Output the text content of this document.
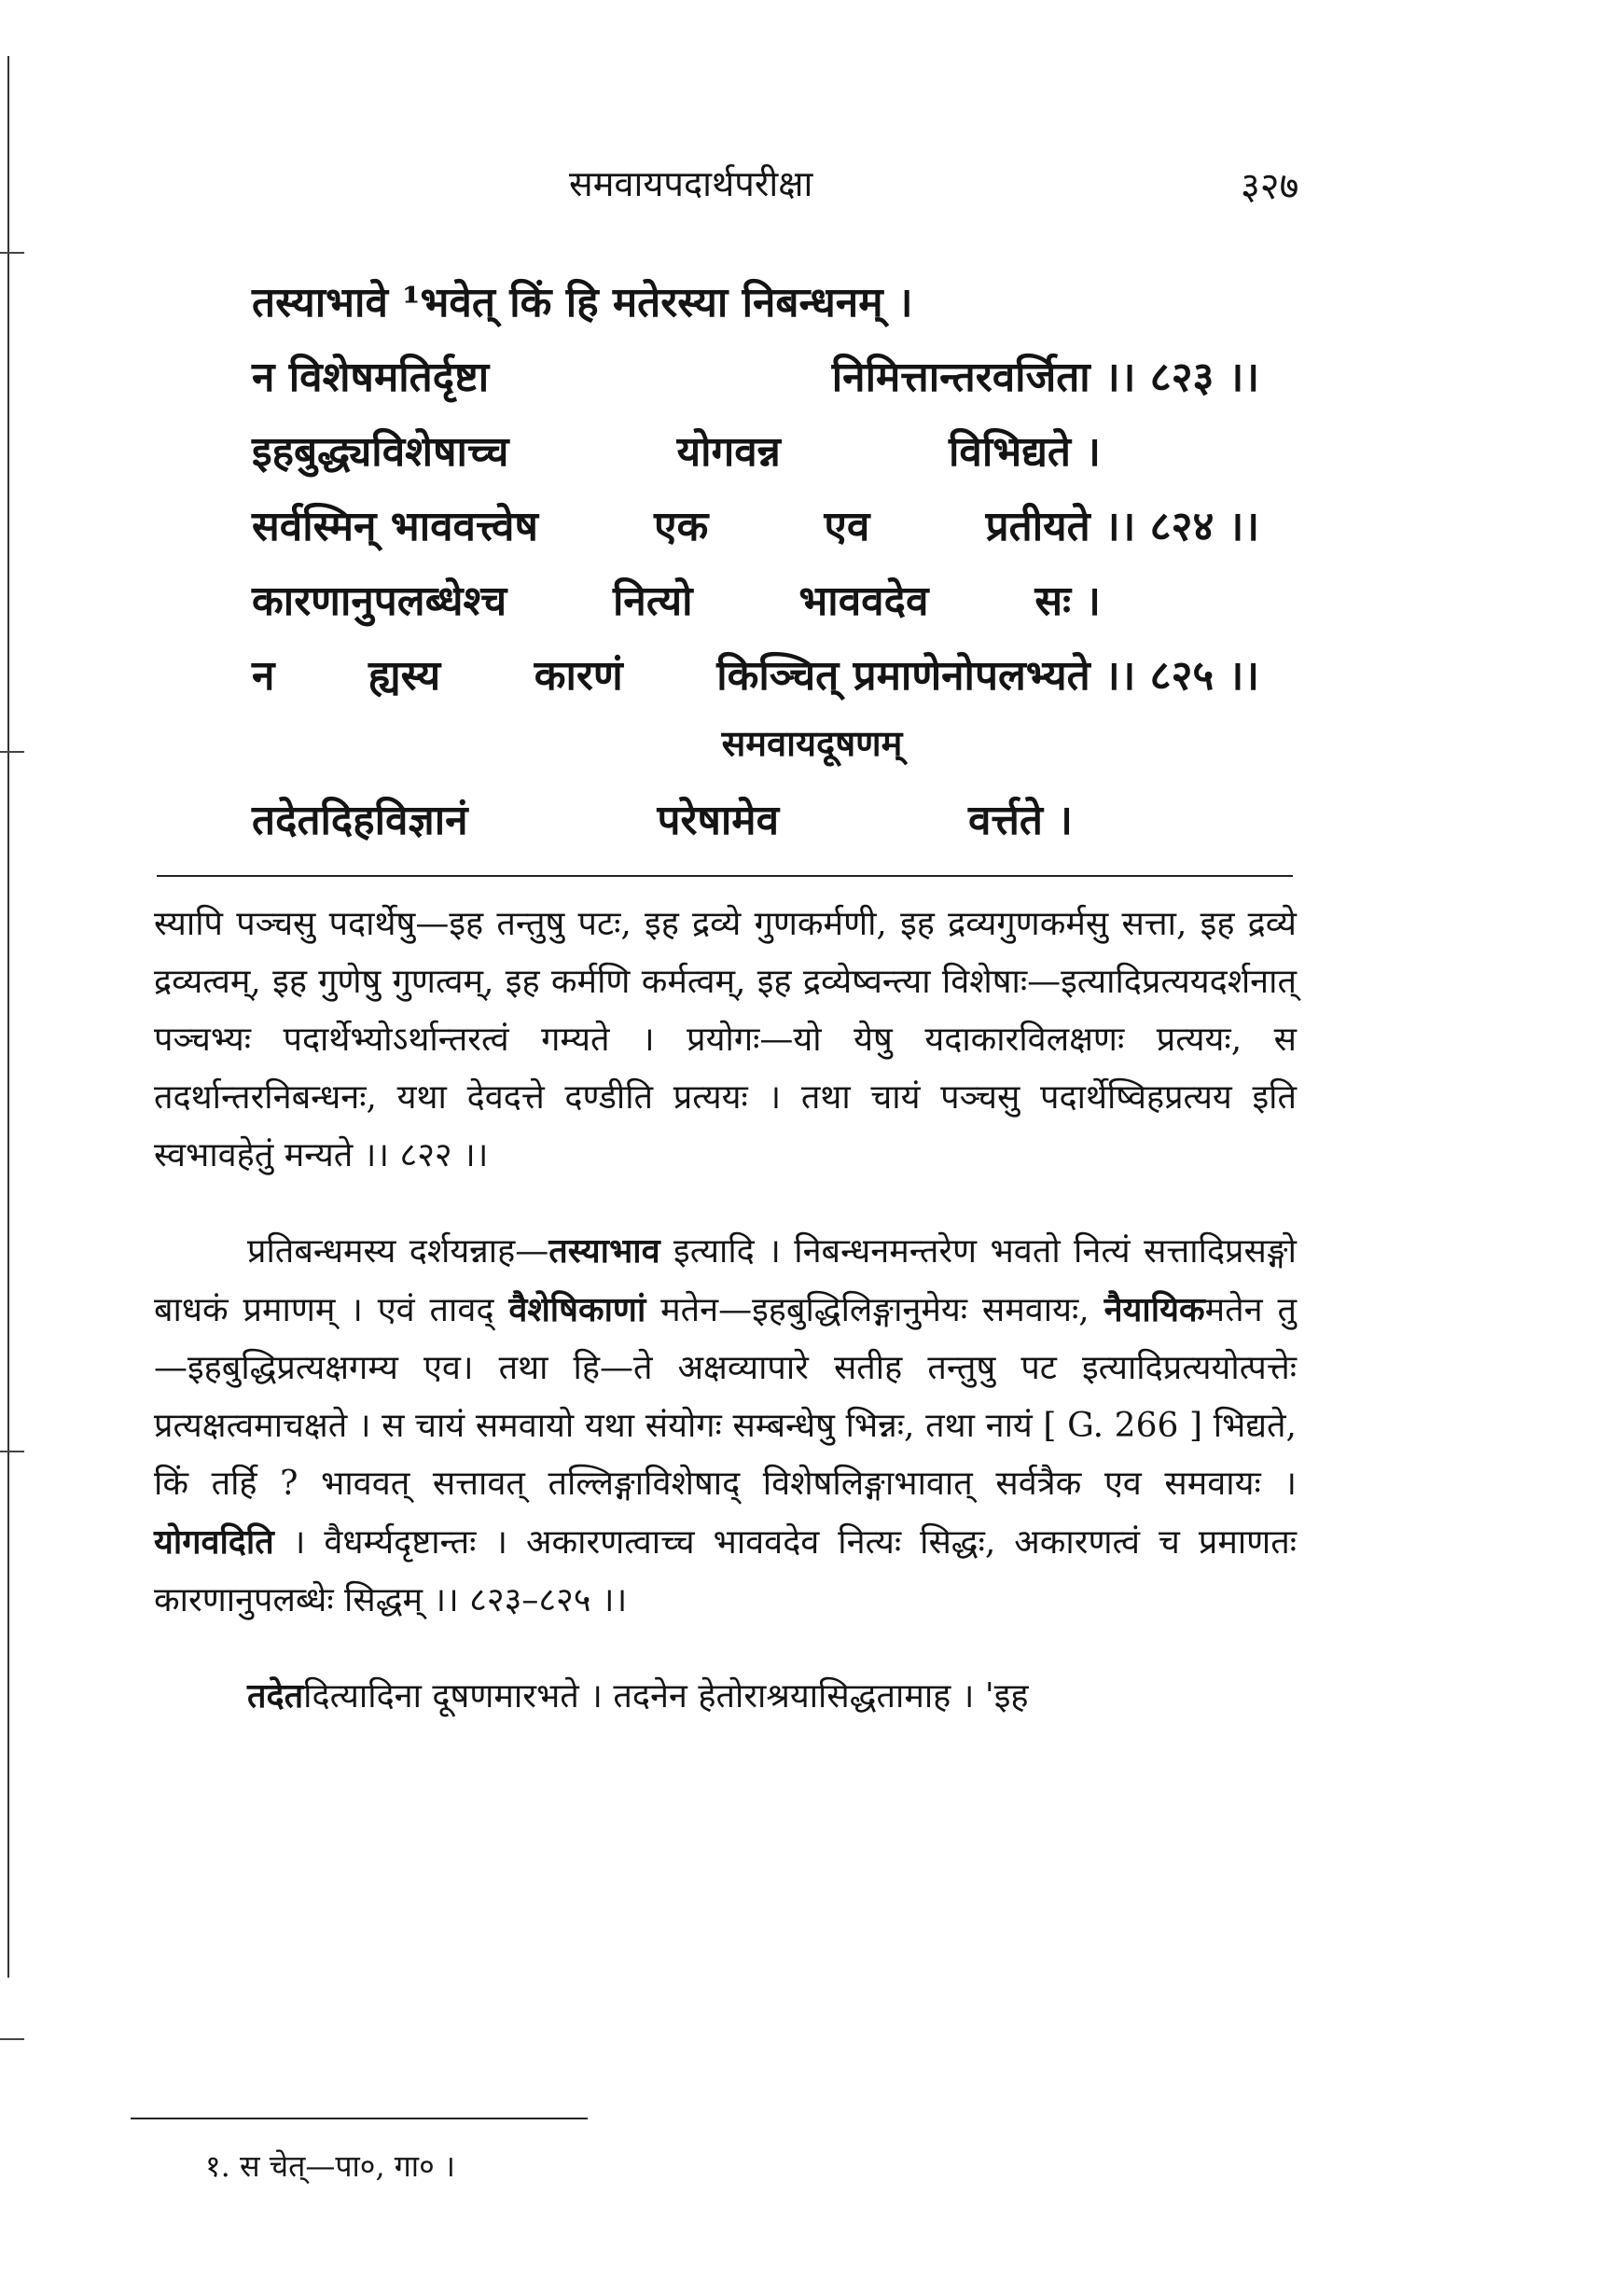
समवायपदार्थपरीक्षा	३२७
तस्याभावे ¹भवेत् किं हि मतेरस्या निबन्धनम् ।
न विशेषमतिर्दृष्टा	निमित्तान्तरवर्जिता ।। ८२३ ।।
इहबुद्ध्यविशेषाच्च	योगवन्न	विभिद्यते ।
सर्वस्मिन् भाववत्त्वेष	एक	एव	प्रतीयते ।। ८२४ ।।
कारणानुपलब्धेश्च	नित्यो	भाववदेव	सः ।
न ह्यस्य कारणं किञ्चित् प्रमाणेनोपलभ्यते ।। ८२५ ।।
समवायदूषणम्
तदेतदिहविज्ञानं	परेषामेव	वर्त्तते ।

स्यापि पञ्चसु पदार्थेषु—इह तन्तुषु पटः, इह द्रव्ये गुणकर्मणी, इह द्रव्यगुणकर्मसु सत्ता, इह द्रव्ये द्रव्यत्वम्, इह गुणेषु गुणत्वम्, इह कर्मणि कर्मत्वम्, इह द्रव्येष्वन्त्या विशेषाः—इत्यादिप्रत्ययदर्शनात् पञ्चभ्यः पदार्थेभ्योऽर्थान्तरत्वं गम्यते । प्रयोगः—यो येषु यदाकारविलक्षणः प्रत्ययः, स तदर्थान्तरनिबन्धनः, यथा देवदत्ते दण्डीति प्रत्ययः । तथा चायं पञ्चसु पदार्थेष्विहप्रत्यय इति स्वभावहेतुं मन्यते ।। ८२२ ।।

प्रतिबन्धमस्य दर्शयन्नाह—तस्याभाव इत्यादि । निबन्धनमन्तरेण भवतो नित्यं सत्तादिप्रसङ्गो बाधकं प्रमाणम् । एवं तावद् वैशेषिकाणां मतेन—इहबुद्धिलिङ्गानुमेयः समवायः, नैयायिकमतेन तु —इहबुद्धिप्रत्यक्षगम्य एव। तथा हि—ते अक्षव्यापारे सतीह तन्तुषु पट इत्यादिप्रत्ययोत्पत्तेः प्रत्यक्षत्वमाचक्षते । स चायं समवायो यथा संयोगः सम्बन्धेषु भिन्नः, तथा नायं [ G. 266 ] भिद्यते, किं तर्हि ? भाववत् सत्तावत् तल्लिङ्गाविशेषाद् विशेषलिङ्गाभावात् सर्वत्रैक एव समवायः । योगवदिति । वैधर्म्यदृष्टान्तः । अकारणत्वाच्च भाववदेव नित्यः सिद्धः, अकारणत्वं च प्रमाणतः कारणानुपलब्धेः सिद्धम् ।। ८२३–८२५ ।।

तदेतदित्यादिना दूषणमारभते । तदनेन हेतोराश्रयासिद्धतामाह । 'इह

१. स चेत्—पा०, गा० ।
